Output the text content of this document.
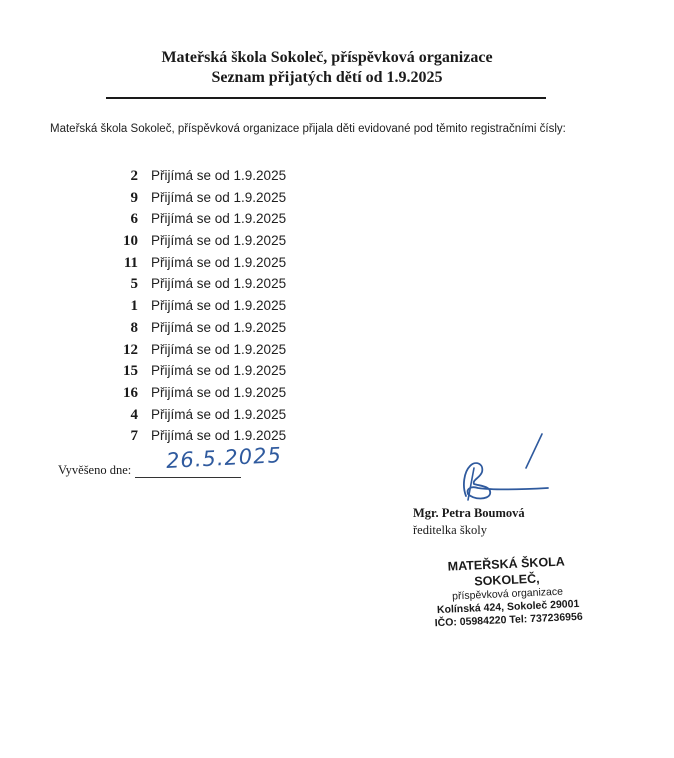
Mateřská škola Sokoleč, příspěvková organizace
Seznam přijatých dětí od 1.9.2025
Mateřská škola Sokoleč, příspěvková organizace přijala děti evidované pod těmito registračními čísly:
2 Přijímá se od 1.9.2025
9 Přijímá se od 1.9.2025
6 Přijímá se od 1.9.2025
10 Přijímá se od 1.9.2025
11 Přijímá se od 1.9.2025
5 Přijímá se od 1.9.2025
1 Přijímá se od 1.9.2025
8 Přijímá se od 1.9.2025
12 Přijímá se od 1.9.2025
15 Přijímá se od 1.9.2025
16 Přijímá se od 1.9.2025
4 Přijímá se od 1.9.2025
7 Přijímá se od 1.9.2025
Vyvěšeno dne: 26.5.2025
Mgr. Petra Boumová
ředitelka školy
MATEŘSKÁ ŠKOLA SOKOLEČ,
příspěvková organizace
Kolínská 424, Sokoleč 29001
IČO: 05984220 Tel: 737236956
